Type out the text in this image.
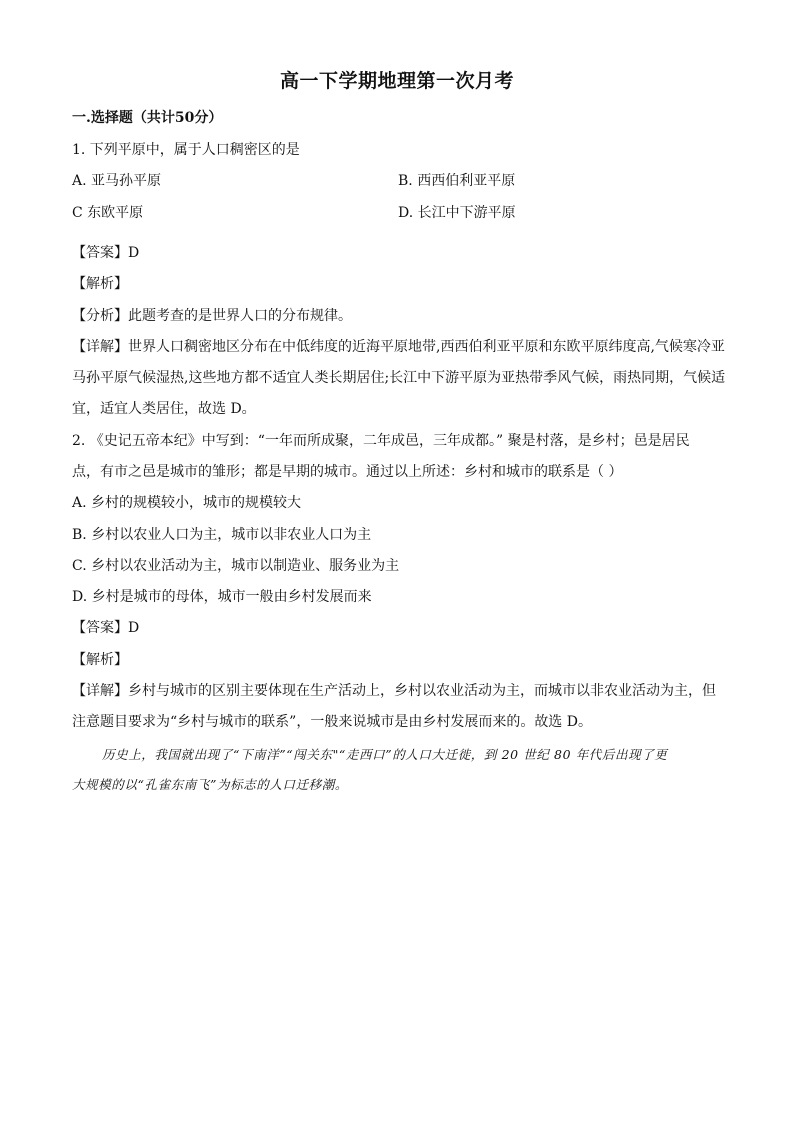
高一下学期地理第一次月考
一.选择题（共计50分）
1. 下列平原中，属于人口稠密区的是
A. 亚马孙平原	B. 西西伯利亚平原
C 东欧平原	D. 长江中下游平原
【答案】D
【解析】
【分析】此题考查的是世界人口的分布规律。
【详解】世界人口稠密地区分布在中低纬度的近海平原地带,西西伯利亚平原和东欧平原纬度高,气候寒冷亚
马孙平原气候湿热,这些地方都不适宜人类长期居住;长江中下游平原为亚热带季风气候，雨热同期，气候适
宜，适宜人类居住，故选 D。
2. 《史记五帝本纪》中写到：“一年而所成聚，二年成邑，三年成都。” 聚是村落，是乡村；邑是居民
点，有市之邑是城市的雏形；都是早期的城市。通过以上所述：乡村和城市的联系是（ ）
A. 乡村的规模较小，城市的规模较大
B. 乡村以农业人口为主，城市以非农业人口为主
C. 乡村以农业活动为主，城市以制造业、服务业为主
D. 乡村是城市的母体，城市一般由乡村发展而来
【答案】D
【解析】
【详解】乡村与城市的区别主要体现在生产活动上，乡村以农业活动为主，而城市以非农业活动为主，但
注意题目要求为“乡村与城市的联系”，一般来说城市是由乡村发展而来的。故选 D。
历史上，我国就出现了“下南洋”“闯关东"“走西口”的人口大迁徙，到 20 世纪 80 年代后出现了更
大规模的以“孔雀东南飞”为标志的人口迁移潮。
